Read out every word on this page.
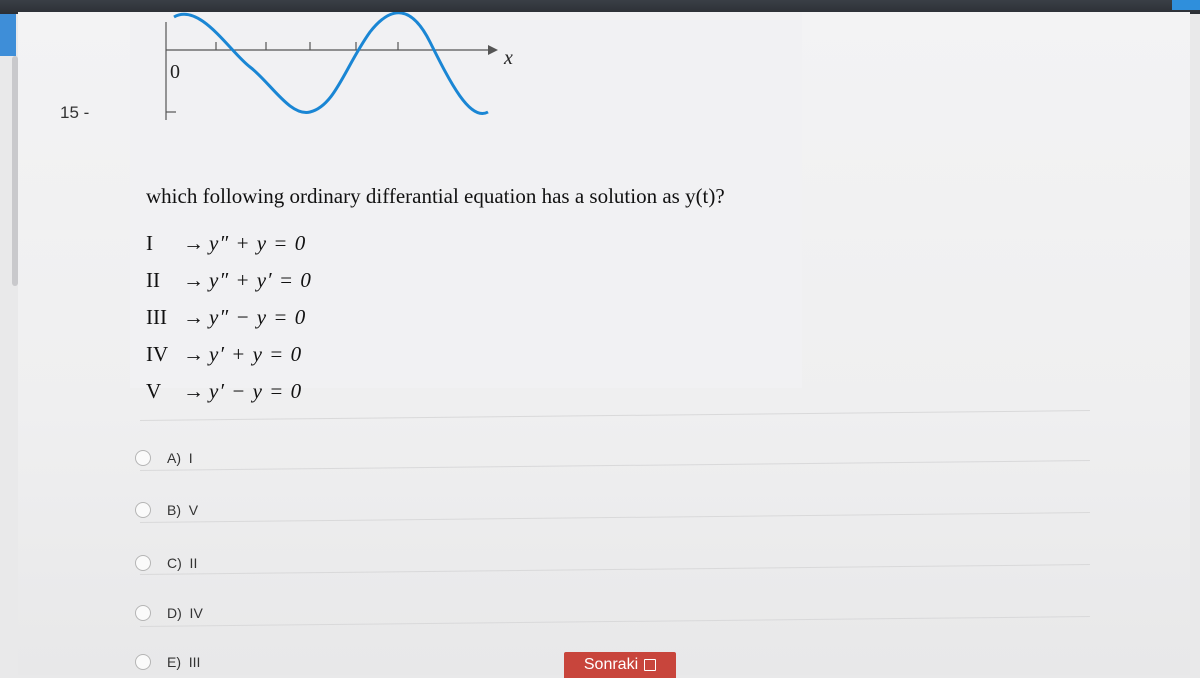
15 -
0
x
which following ordinary differantial equation has a solution as y(t)?
I → y″ + y = 0
II → y″ + y′ = 0
III → y″ − y = 0
IV → y′ + y = 0
V → y′ − y = 0
A)  I
B)  V
C)  II
D)  IV
E)  III	Sonraki
